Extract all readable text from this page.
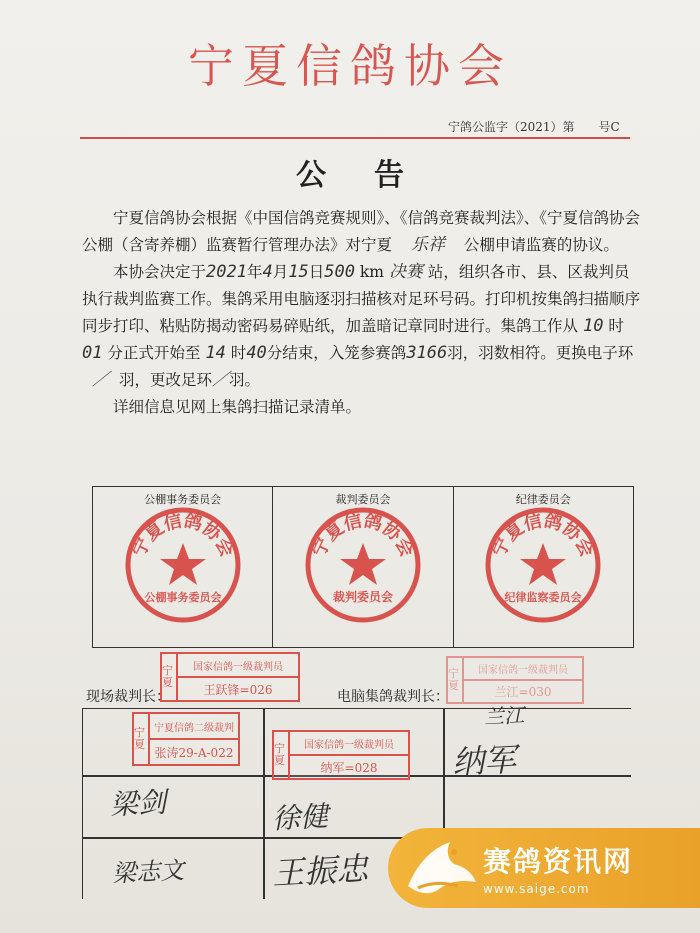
宁夏信鸽协会
宁鸽公监字（2021）第　　号C
公 告

宁夏信鸽协会根据《中国信鸽竞赛规则》、《信鸽竞赛裁判法》、《宁夏信鸽协会公棚（含寄养棚）监赛暂行管理办法》对宁夏 乐祥 公棚申请监赛的协议。

本协会决定于2021年4月15日500 km 决赛 站，组织各市、县、区裁判员执行裁判监赛工作。集鸽采用电脑逐羽扫描核对足环号码。打印机按集鸽扫描顺序同步打印、粘贴防揭动密码易碎贴纸，加盖暗记章同时进行。集鸽工作从 10 时 01 分正式开始至 14 时40分结束，入笼参赛鸽3166羽，羽数相符。更换电子环 ／ 羽，更改足环／羽。

详细信息见网上集鸽扫描记录清单。

公棚事务委员会
宁夏信鸽协会
公棚事务委员会
裁判委员会
宁夏信鸽协会
裁判委员会
纪律委员会
宁夏信鸽协会
纪律监察委员会
宁夏
国家信鸽一级裁判员
王跃锋=026
现场裁判长：
宁夏
国家信鸽一级裁判员
兰江=030
电脑集鸽裁判长：
宁夏
宁夏信鸽二级裁判
张涛29-A-022	宁夏
国家信鸽一级裁判员
纳军=028
兰江
纳军
梁剑	徐健
梁志文	王振忠	赛鸽资讯网
www.saige.com
